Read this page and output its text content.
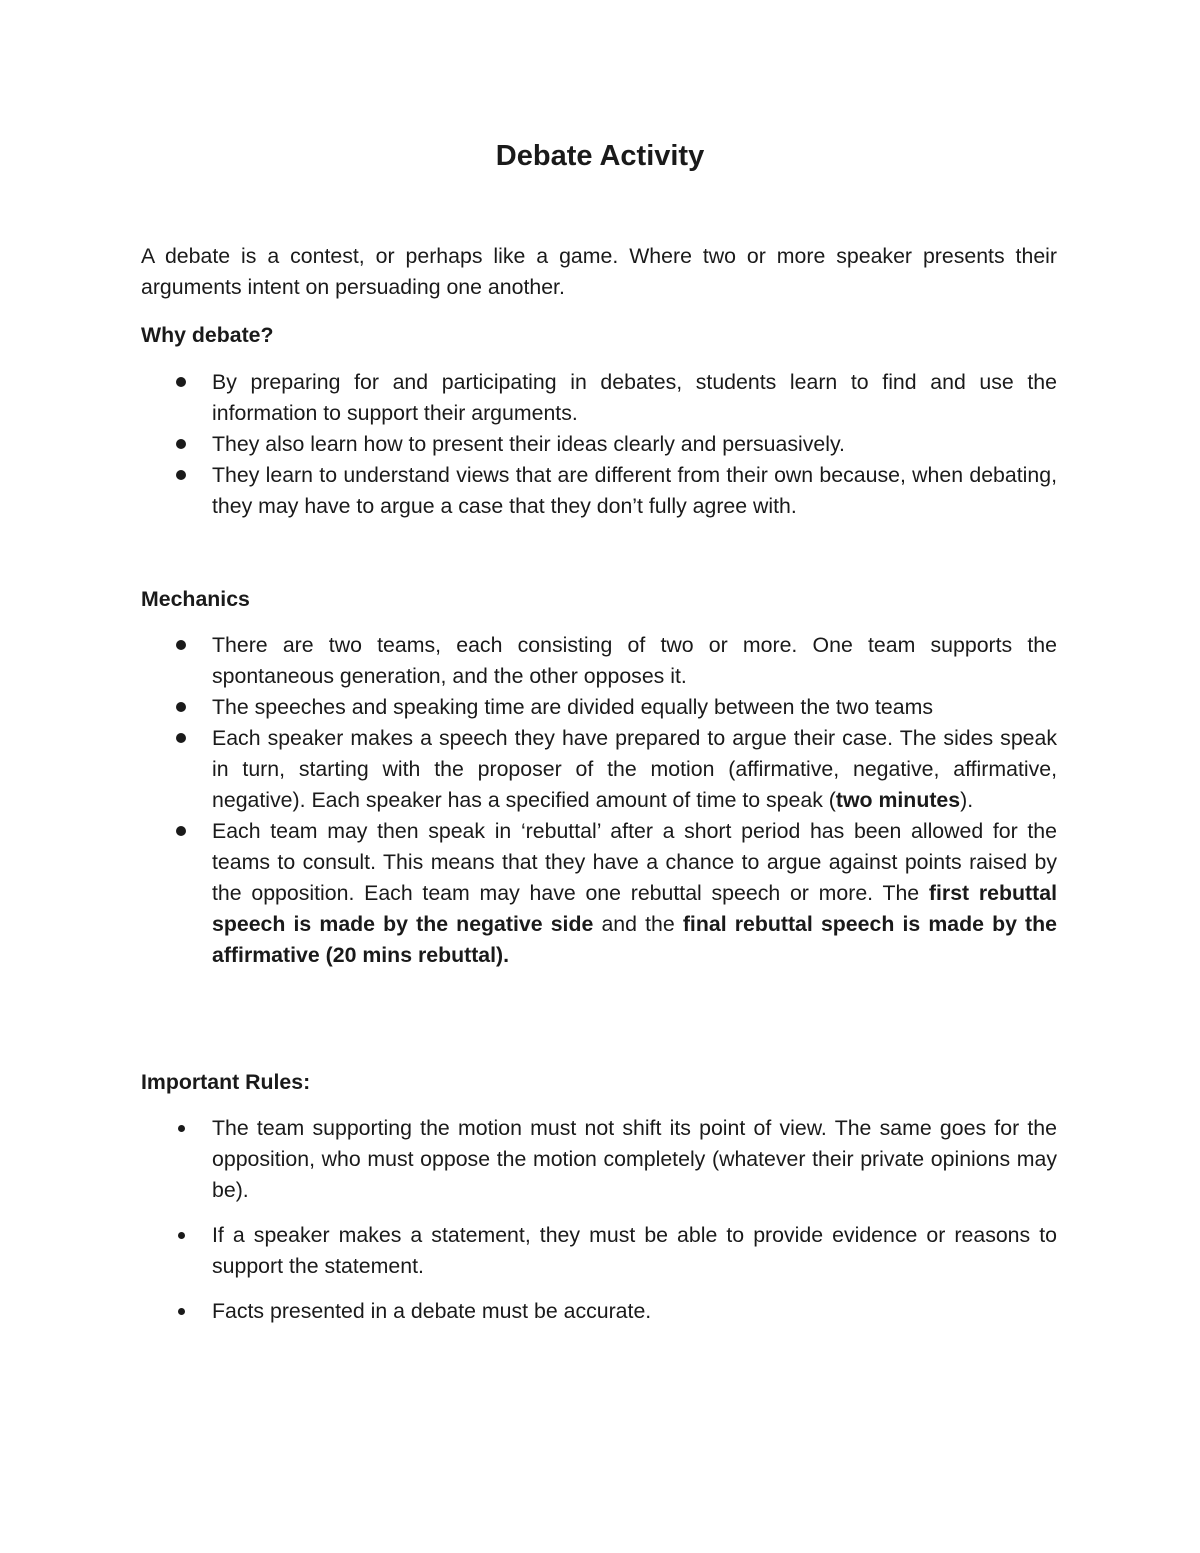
Debate Activity

A debate is a contest, or perhaps like a game. Where two or more speaker presents their arguments intent on persuading one another.

Why debate?
By preparing for and participating in debates, students learn to find and use the information to support their arguments.
They also learn how to present their ideas clearly and persuasively.
They learn to understand views that are different from their own because, when debating, they may have to argue a case that they don’t fully agree with.
Mechanics
There are two teams, each consisting of two or more. One team supports the spontaneous generation, and the other opposes it.
The speeches and speaking time are divided equally between the two teams
Each speaker makes a speech they have prepared to argue their case. The sides speak in turn, starting with the proposer of the motion (affirmative, negative, affirmative, negative). Each speaker has a specified amount of time to speak (two minutes).
Each team may then speak in ‘rebuttal’ after a short period has been allowed for the teams to consult. This means that they have a chance to argue against points raised by the opposition. Each team may have one rebuttal speech or more. The first rebuttal speech is made by the negative side and the final rebuttal speech is made by the affirmative (20 mins rebuttal).
Important Rules:
The team supporting the motion must not shift its point of view. The same goes for the opposition, who must oppose the motion completely (whatever their private opinions may be).
If a speaker makes a statement, they must be able to provide evidence or reasons to support the statement.
Facts presented in a debate must be accurate.
